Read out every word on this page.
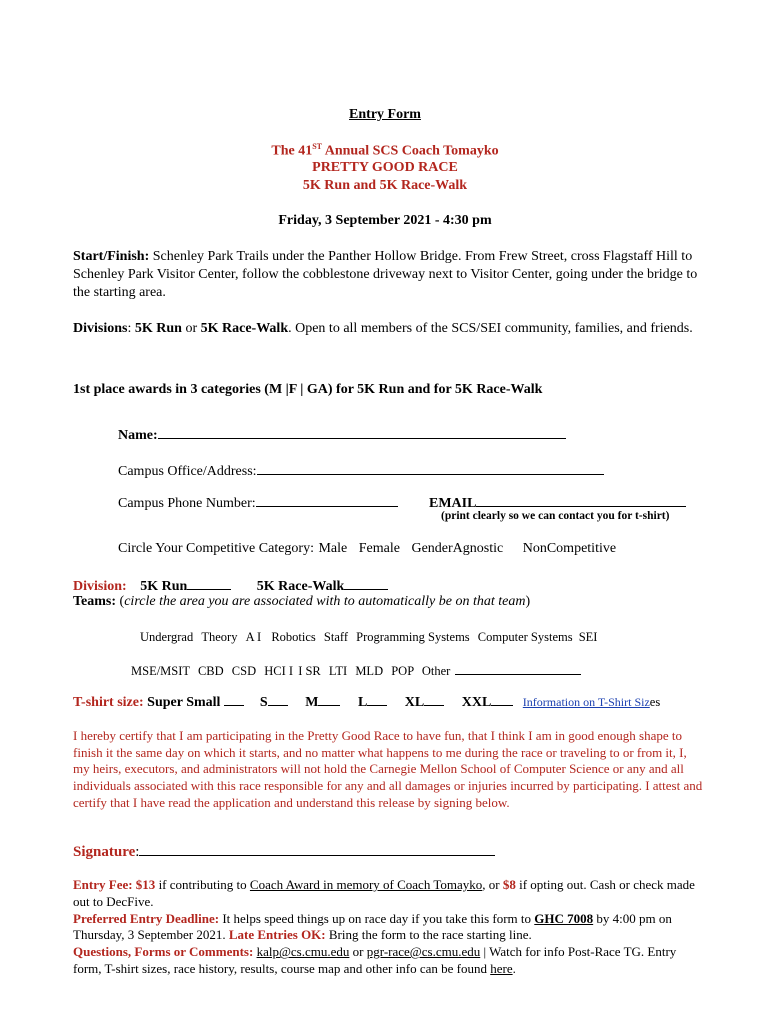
Entry Form
The 41ST Annual SCS Coach Tomayko
PRETTY GOOD RACE
5K Run and 5K Race-Walk
Friday, 3 September 2021 - 4:30 pm
Start/Finish: Schenley Park Trails under the Panther Hollow Bridge. From Frew Street, cross Flagstaff Hill to Schenley Park Visitor Center, follow the cobblestone driveway next to Visitor Center, going under the bridge to the starting area.
Divisions: 5K Run or 5K Race-Walk. Open to all members of the SCS/SEI community, families, and friends.
1st place awards in 3 categories (M |F | GA) for 5K Run and for 5K Race-Walk
Name:
Campus Office/Address:
Campus Phone Number:	EMAIL
(print clearly so we can contact you for t-shirt)
Circle Your Competitive Category: Male Female GenderAgnostic NonCompetitive
Division: 5K Run	5K Race-Walk
Teams: (circle the area you are associated with to automatically be on that team)
Undergrad Theory A I Robotics Staff Programming Systems Computer Systems SEI
MSE/MSIT CBD CSD HCI I I SR LTI MLD POP Other
T-shirt size: Super Small	S	M	L	XL	XXL	Information on T-Shirt Sizes
I hereby certify that I am participating in the Pretty Good Race to have fun, that I think I am in good enough shape to finish it the same day on which it starts, and no matter what happens to me during the race or traveling to or from it, I, my heirs, executors, and administrators will not hold the Carnegie Mellon School of Computer Science or any and all individuals associated with this race responsible for any and all damages or injuries incurred by participating. I attest and certify that I have read the application and understand this release by signing below.
Signature:
Entry Fee: $13 if contributing to Coach Award in memory of Coach Tomayko, or $8 if opting out. Cash or check made out to DecFive.
Preferred Entry Deadline: It helps speed things up on race day if you take this form to GHC 7008 by 4:00 pm on Thursday, 3 September 2021. Late Entries OK: Bring the form to the race starting line.
Questions, Forms or Comments: kalp@cs.cmu.edu or pgr-race@cs.cmu.edu | Watch for info Post-Race TG. Entry form, T-shirt sizes, race history, results, course map and other info can be found here.
